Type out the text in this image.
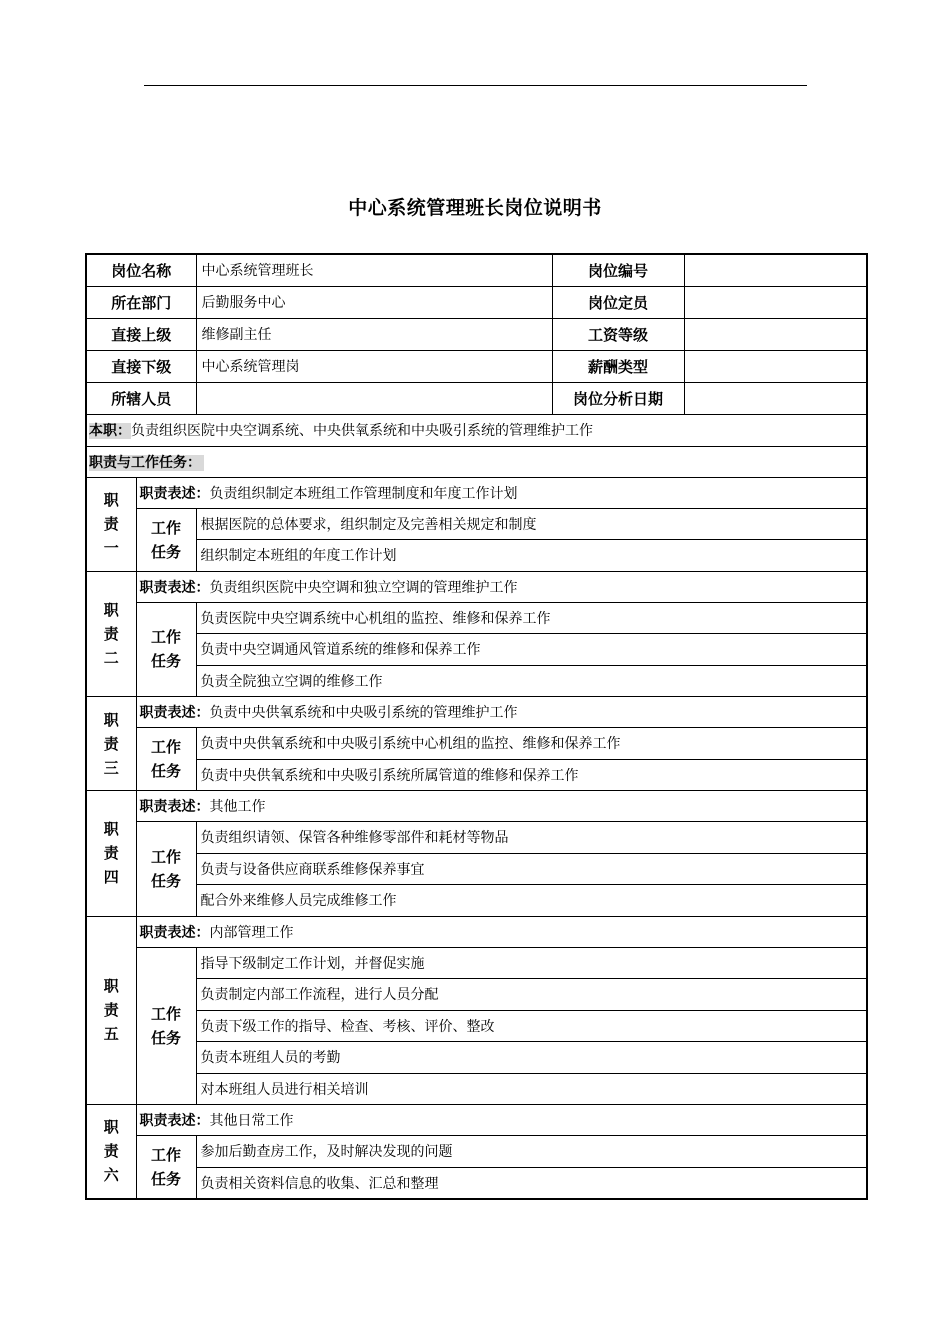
中心系统管理班长岗位说明书
岗位名称		中心系统管理班长	岗位编号	
所在部门		后勤服务中心	岗位定员	
直接上级		维修副主任	工资等级	
直接下级		中心系统管理岗	薪酬类型	
所辖人员			岗位分析日期	
本职：负责组织医院中央空调系统、中央供氧系统和中央吸引系统的管理维护工作				
职责与工作任务：				

职
责
一	职责表述：负责组织制定本班组工作管理制度和年度工作计划			

	工作
任务	根据医院的总体要求，组织制定及完善相关规定和制度		
		组织制定本班组的年度工作计划		

职
责
二	职责表述：负责组织医院中央空调和独立空调的管理维护工作			

	工作
任务	负责医院中央空调系统中心机组的监控、维修和保养工作		
		负责中央空调通风管道系统的维修和保养工作		
		负责全院独立空调的维修工作		

职
责
三	职责表述：负责中央供氧系统和中央吸引系统的管理维护工作			

	工作
任务	负责中央供氧系统和中央吸引系统中心机组的监控、维修和保养工作		
		负责中央供氧系统和中央吸引系统所属管道的维修和保养工作		

职
责
四	职责表述：其他工作			

	工作
任务	负责组织请领、保管各种维修零部件和耗材等物品		
		负责与设备供应商联系维修保养事宜		
		配合外来维修人员完成维修工作		

职
责
五	职责表述：内部管理工作			

	工作
任务	指导下级制定工作计划，并督促实施		
		负责制定内部工作流程，进行人员分配		
		负责下级工作的指导、检查、考核、评价、整改		
		负责本班组人员的考勤		
		对本班组人员进行相关培训		

职
责
六	职责表述：其他日常工作			

	工作
任务	参加后勤查房工作，及时解决发现的问题		
		负责相关资料信息的收集、汇总和整理		
